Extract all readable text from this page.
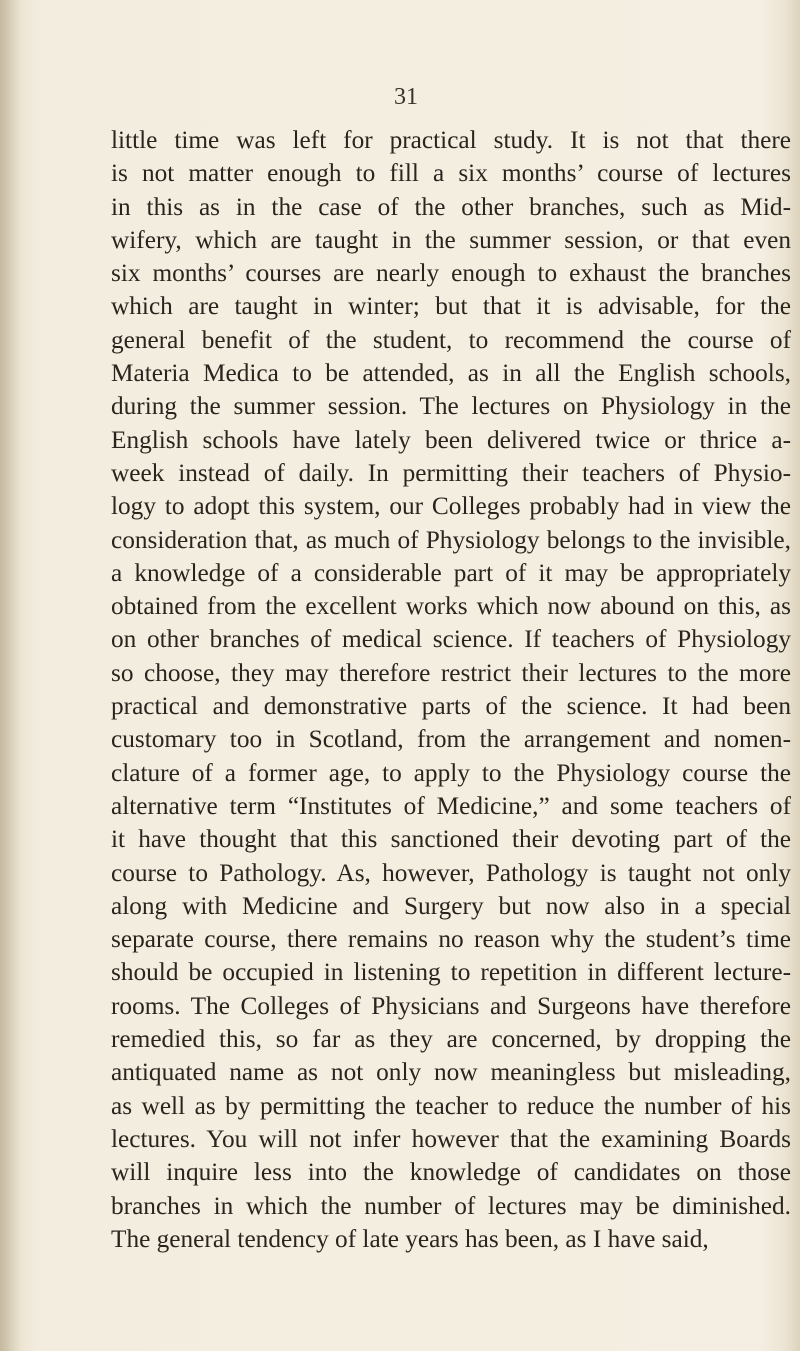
31
little time was left for practical study. It is not that there
is not matter enough to fill a six months’ course of lectures
in this as in the case of the other branches, such as Mid-
wifery, which are taught in the summer session, or that even
six months’ courses are nearly enough to exhaust the branches
which are taught in winter; but that it is advisable, for the
general benefit of the student, to recommend the course of
Materia Medica to be attended, as in all the English schools,
during the summer session. The lectures on Physiology in the
English schools have lately been delivered twice or thrice a-
week instead of daily. In permitting their teachers of Physio-
logy to adopt this system, our Colleges probably had in view the
consideration that, as much of Physiology belongs to the invisible,
a knowledge of a considerable part of it may be appropriately
obtained from the excellent works which now abound on this, as
on other branches of medical science. If teachers of Physiology
so choose, they may therefore restrict their lectures to the more
practical and demonstrative parts of the science. It had been
customary too in Scotland, from the arrangement and nomen-
clature of a former age, to apply to the Physiology course the
alternative term “Institutes of Medicine,” and some teachers of
it have thought that this sanctioned their devoting part of the
course to Pathology. As, however, Pathology is taught not only
along with Medicine and Surgery but now also in a special
separate course, there remains no reason why the student’s time
should be occupied in listening to repetition in different lecture-
rooms. The Colleges of Physicians and Surgeons have therefore
remedied this, so far as they are concerned, by dropping the
antiquated name as not only now meaningless but misleading,
as well as by permitting the teacher to reduce the number of his
lectures. You will not infer however that the examining Boards
will inquire less into the knowledge of candidates on those
branches in which the number of lectures may be diminished.
The general tendency of late years has been, as I have said,
